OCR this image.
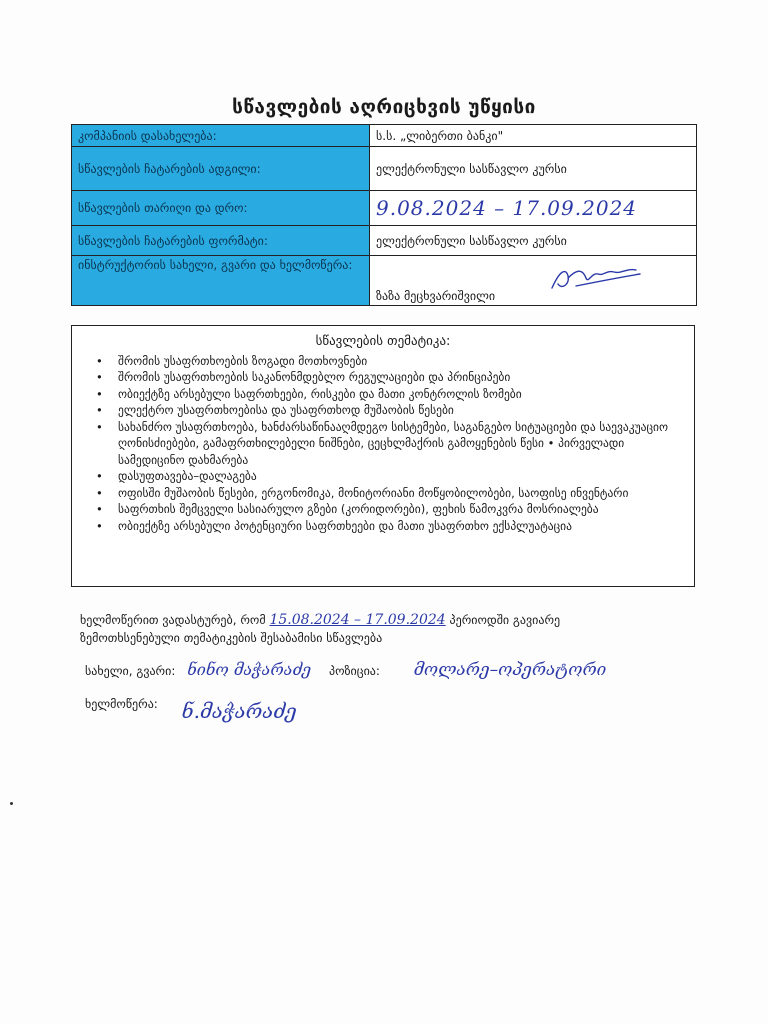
სწავლების აღრიცხვის უწყისი
კომპანიის დასახელება:	ს.ს. „ლიბერთი ბანკი"
სწავლების ჩატარების ადგილი:	ელექტრონული სასწავლო კურსი
სწავლების თარიღი და დრო:	9.08.2024 – 17.09.2024
სწავლების ჩატარების ფორმატი:	ელექტრონული სასწავლო კურსი
ინსტრუქტორის სახელი, გვარი და ხელმოწერა:	ზაზა მეცხვარიშვილი
სწავლების თემატიკა:
• შრომის უსაფრთხოების ზოგადი მოთხოვნები
• შრომის უსაფრთხოების საკანონმდებლო რეგულაციები და პრინციპები
• ობიექტზე არსებული საფრთხეები, რისკები და მათი კონტროლის ზომები
• ელექტრო უსაფრთხოებისა და უსაფრთხოდ მუშაობის წესები
• სახანძრო უსაფრთხოება, ხანძარსაწინააღმდეგო სისტემები, საგანგებო სიტუაციები და საევაკუაციო ღონისძიებები, გამაფრთხილებელი ნიშნები, ცეცხლმაქრის გამოყენების წესი • პირველადი სამედიცინო დახმარება
• დასუფთავება–დალაგება
• ოფისში მუშაობის წესები, ერგონომიკა, მონიტორიანი მოწყობილობები, საოფისე ინვენტარი
• საფრთხის შემცველი სასიარულო გზები (კორიდორები), ფეხის წამოკვრა მოსრიალება
• ობიექტზე არსებული პოტენციური საფრთხეები და მათი უსაფრთხო ექსპლუატაცია
ხელმოწერით ვადასტურებ, რომ 15.08.2024 – 17.09.2024 პერიოდში გავიარე ზემოთხსენებული თემატიკების შესაბამისი სწავლება
სახელი, გვარი: ნინო მაჭარაძე პოზიცია: მოლარე–ოპერატორი
ხელმოწერა: ნ.მაჭარაძე
